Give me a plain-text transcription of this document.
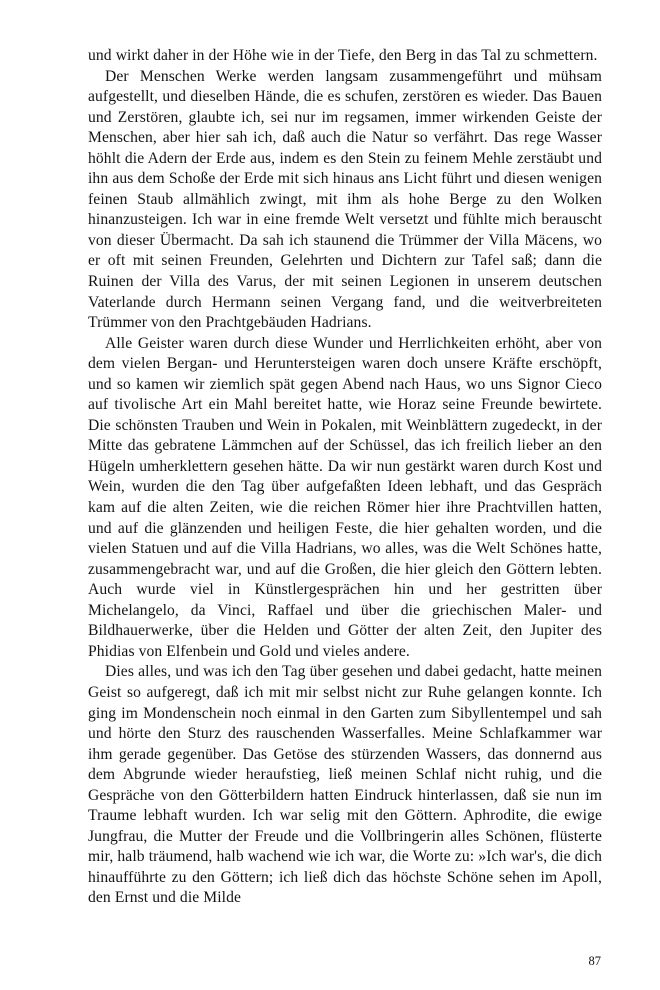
und wirkt daher in der Höhe wie in der Tiefe, den Berg in das Tal zu schmettern.

Der Menschen Werke werden langsam zusammengeführt und mühsam aufgestellt, und dieselben Hände, die es schufen, zerstören es wieder. Das Bauen und Zerstören, glaubte ich, sei nur im regsamen, immer wirkenden Geiste der Menschen, aber hier sah ich, daß auch die Natur so verfährt. Das rege Wasser höhlt die Adern der Erde aus, indem es den Stein zu feinem Mehle zerstäubt und ihn aus dem Schoße der Erde mit sich hinaus ans Licht führt und diesen wenigen feinen Staub allmählich zwingt, mit ihm als hohe Berge zu den Wolken hinanzusteigen. Ich war in eine fremde Welt versetzt und fühlte mich berauscht von dieser Übermacht. Da sah ich staunend die Trümmer der Villa Mäcens, wo er oft mit seinen Freunden, Gelehrten und Dichtern zur Tafel saß; dann die Ruinen der Villa des Varus, der mit seinen Legionen in unserem deutschen Vaterlande durch Hermann seinen Vergang fand, und die weitverbreiteten Trümmer von den Prachtgebäuden Hadrians.

Alle Geister waren durch diese Wunder und Herrlichkeiten erhöht, aber von dem vielen Bergan- und Heruntersteigen waren doch unsere Kräfte erschöpft, und so kamen wir ziemlich spät gegen Abend nach Haus, wo uns Signor Cieco auf tivolische Art ein Mahl bereitet hatte, wie Horaz seine Freunde bewirtete. Die schönsten Trauben und Wein in Pokalen, mit Weinblättern zugedeckt, in der Mitte das gebratene Lämmchen auf der Schüssel, das ich freilich lieber an den Hügeln umherklettern gesehen hätte. Da wir nun gestärkt waren durch Kost und Wein, wurden die den Tag über aufgefaßten Ideen lebhaft, und das Gespräch kam auf die alten Zeiten, wie die reichen Römer hier ihre Prachtvillen hatten, und auf die glänzenden und heiligen Feste, die hier gehalten worden, und die vielen Statuen und auf die Villa Hadrians, wo alles, was die Welt Schönes hatte, zusammengebracht war, und auf die Großen, die hier gleich den Göttern lebten. Auch wurde viel in Künstlergesprächen hin und her gestritten über Michelangelo, da Vinci, Raffael und über die griechischen Maler- und Bildhauerwerke, über die Helden und Götter der alten Zeit, den Jupiter des Phidias von Elfenbein und Gold und vieles andere.

Dies alles, und was ich den Tag über gesehen und dabei gedacht, hatte meinen Geist so aufgeregt, daß ich mit mir selbst nicht zur Ruhe gelangen konnte. Ich ging im Mondenschein noch einmal in den Garten zum Sibyllentempel und sah und hörte den Sturz des rauschenden Wasserfalles. Meine Schlafkammer war ihm gerade gegenüber. Das Getöse des stürzenden Wassers, das donnernd aus dem Abgrunde wieder heraufstieg, ließ meinen Schlaf nicht ruhig, und die Gespräche von den Götterbildern hatten Eindruck hinterlassen, daß sie nun im Traume lebhaft wurden. Ich war selig mit den Göttern. Aphrodite, die ewige Jungfrau, die Mutter der Freude und die Vollbringerin alles Schönen, flüsterte mir, halb träumend, halb wachend wie ich war, die Worte zu: »Ich war's, die dich hinaufführte zu den Göttern; ich ließ dich das höchste Schöne sehen im Apoll, den Ernst und die Milde

87
